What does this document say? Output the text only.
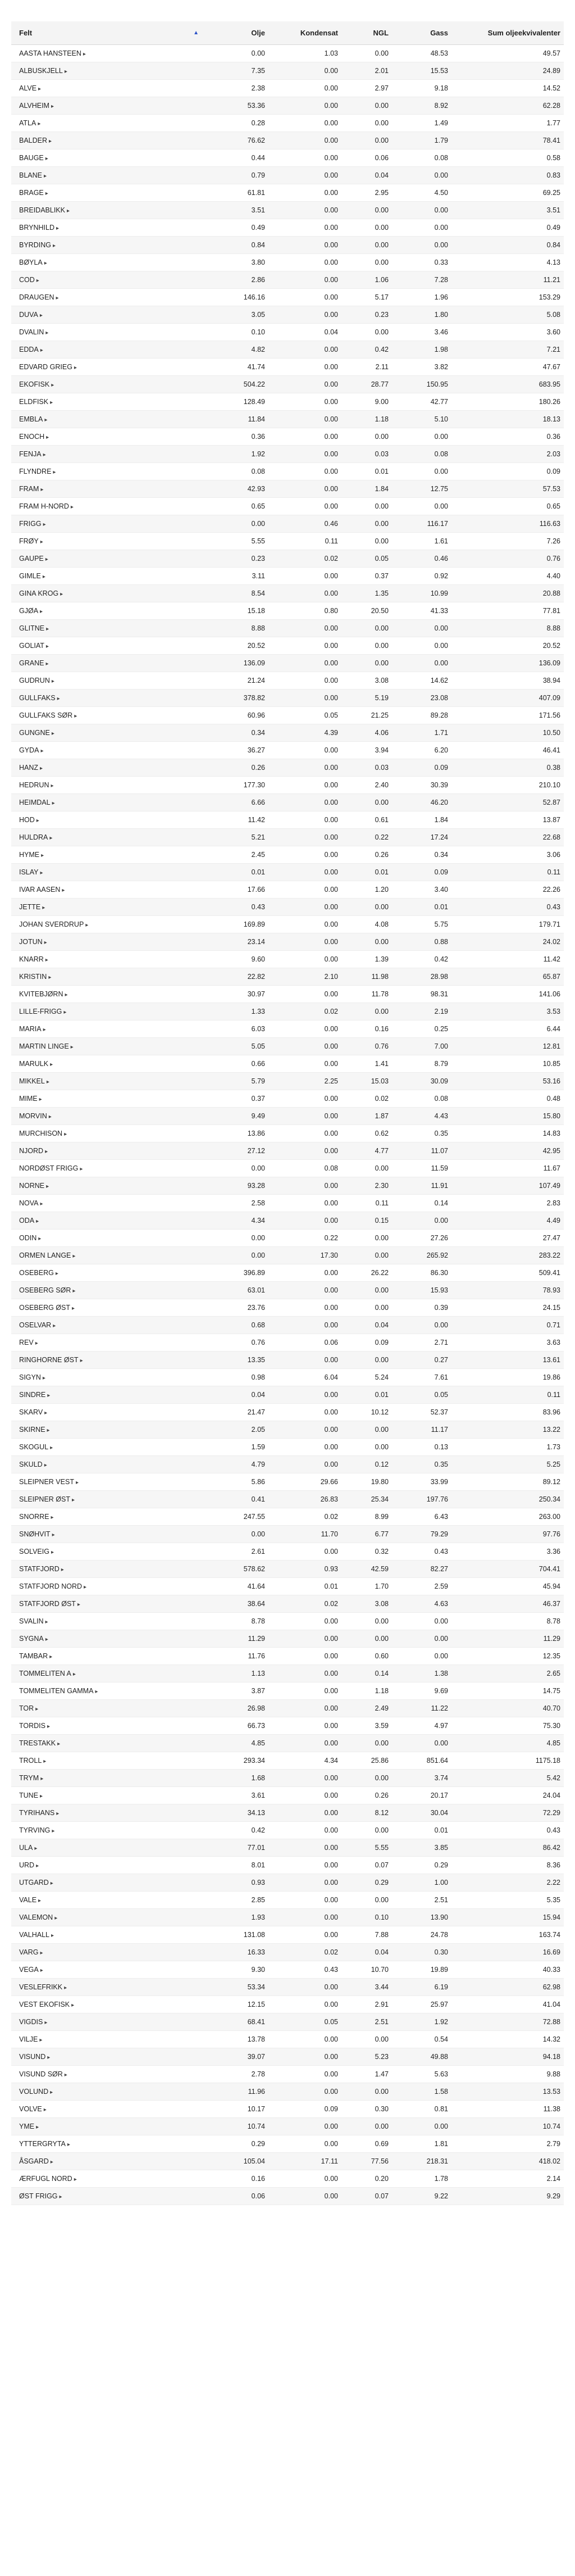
Felt ▲	Olje	Kondensat	NGL	Gass	Sum oljeekvivalenter
AASTA HANSTEEN ▸	0.00	1.03	0.00	48.53	49.57
ALBUSKJELL ▸	7.35	0.00	2.01	15.53	24.89
ALVE ▸	2.38	0.00	2.97	9.18	14.52
ALVHEIM ▸	53.36	0.00	0.00	8.92	62.28
ATLA ▸	0.28	0.00	0.00	1.49	1.77
BALDER ▸	76.62	0.00	0.00	1.79	78.41
BAUGE ▸	0.44	0.00	0.06	0.08	0.58
BLANE ▸	0.79	0.00	0.04	0.00	0.83
BRAGE ▸	61.81	0.00	2.95	4.50	69.25
BREIDABLIKK ▸	3.51	0.00	0.00	0.00	3.51
BRYNHILD ▸	0.49	0.00	0.00	0.00	0.49
BYRDING ▸	0.84	0.00	0.00	0.00	0.84
BØYLA ▸	3.80	0.00	0.00	0.33	4.13
COD ▸	2.86	0.00	1.06	7.28	11.21
DRAUGEN ▸	146.16	0.00	5.17	1.96	153.29
DUVA ▸	3.05	0.00	0.23	1.80	5.08
DVALIN ▸	0.10	0.04	0.00	3.46	3.60
EDDA ▸	4.82	0.00	0.42	1.98	7.21
EDVARD GRIEG ▸	41.74	0.00	2.11	3.82	47.67
EKOFISK ▸	504.22	0.00	28.77	150.95	683.95
ELDFISK ▸	128.49	0.00	9.00	42.77	180.26
EMBLA ▸	11.84	0.00	1.18	5.10	18.13
ENOCH ▸	0.36	0.00	0.00	0.00	0.36
FENJA ▸	1.92	0.00	0.03	0.08	2.03
FLYNDRE ▸	0.08	0.00	0.01	0.00	0.09
FRAM ▸	42.93	0.00	1.84	12.75	57.53
FRAM H-NORD ▸	0.65	0.00	0.00	0.00	0.65
FRIGG ▸	0.00	0.46	0.00	116.17	116.63
FRØY ▸	5.55	0.11	0.00	1.61	7.26
GAUPE ▸	0.23	0.02	0.05	0.46	0.76
GIMLE ▸	3.11	0.00	0.37	0.92	4.40
GINA KROG ▸	8.54	0.00	1.35	10.99	20.88
GJØA ▸	15.18	0.80	20.50	41.33	77.81
GLITNE ▸	8.88	0.00	0.00	0.00	8.88
GOLIAT ▸	20.52	0.00	0.00	0.00	20.52
GRANE ▸	136.09	0.00	0.00	0.00	136.09
GUDRUN ▸	21.24	0.00	3.08	14.62	38.94
GULLFAKS ▸	378.82	0.00	5.19	23.08	407.09
GULLFAKS SØR ▸	60.96	0.05	21.25	89.28	171.56
GUNGNE ▸	0.34	4.39	4.06	1.71	10.50
GYDA ▸	36.27	0.00	3.94	6.20	46.41
HANZ ▸	0.26	0.00	0.03	0.09	0.38
HEDRUN ▸	177.30	0.00	2.40	30.39	210.10
HEIMDAL ▸	6.66	0.00	0.00	46.20	52.87
HOD ▸	11.42	0.00	0.61	1.84	13.87
HULDRA ▸	5.21	0.00	0.22	17.24	22.68
HYME ▸	2.45	0.00	0.26	0.34	3.06
ISLAY ▸	0.01	0.00	0.01	0.09	0.11
IVAR AASEN ▸	17.66	0.00	1.20	3.40	22.26
JETTE ▸	0.43	0.00	0.00	0.01	0.43
JOHAN SVERDRUP ▸	169.89	0.00	4.08	5.75	179.71
JOTUN ▸	23.14	0.00	0.00	0.88	24.02
KNARR ▸	9.60	0.00	1.39	0.42	11.42
KRISTIN ▸	22.82	2.10	11.98	28.98	65.87
KVITEBJØRN ▸	30.97	0.00	11.78	98.31	141.06
LILLE-FRIGG ▸	1.33	0.02	0.00	2.19	3.53
MARIA ▸	6.03	0.00	0.16	0.25	6.44
MARTIN LINGE ▸	5.05	0.00	0.76	7.00	12.81
MARULK ▸	0.66	0.00	1.41	8.79	10.85
MIKKEL ▸	5.79	2.25	15.03	30.09	53.16
MIME ▸	0.37	0.00	0.02	0.08	0.48
MORVIN ▸	9.49	0.00	1.87	4.43	15.80
MURCHISON ▸	13.86	0.00	0.62	0.35	14.83
NJORD ▸	27.12	0.00	4.77	11.07	42.95
NORDØST FRIGG ▸	0.00	0.08	0.00	11.59	11.67
NORNE ▸	93.28	0.00	2.30	11.91	107.49
NOVA ▸	2.58	0.00	0.11	0.14	2.83
ODA ▸	4.34	0.00	0.15	0.00	4.49
ODIN ▸	0.00	0.22	0.00	27.26	27.47
ORMEN LANGE ▸	0.00	17.30	0.00	265.92	283.22
OSEBERG ▸	396.89	0.00	26.22	86.30	509.41
OSEBERG SØR ▸	63.01	0.00	0.00	15.93	78.93
OSEBERG ØST ▸	23.76	0.00	0.00	0.39	24.15
OSELVAR ▸	0.68	0.00	0.04	0.00	0.71
REV ▸	0.76	0.06	0.09	2.71	3.63
RINGHORNE ØST ▸	13.35	0.00	0.00	0.27	13.61
SIGYN ▸	0.98	6.04	5.24	7.61	19.86
SINDRE ▸	0.04	0.00	0.01	0.05	0.11
SKARV ▸	21.47	0.00	10.12	52.37	83.96
SKIRNE ▸	2.05	0.00	0.00	11.17	13.22
SKOGUL ▸	1.59	0.00	0.00	0.13	1.73
SKULD ▸	4.79	0.00	0.12	0.35	5.25
SLEIPNER VEST ▸	5.86	29.66	19.80	33.99	89.12
SLEIPNER ØST ▸	0.41	26.83	25.34	197.76	250.34
SNORRE ▸	247.55	0.02	8.99	6.43	263.00
SNØHVIT ▸	0.00	11.70	6.77	79.29	97.76
SOLVEIG ▸	2.61	0.00	0.32	0.43	3.36
STATFJORD ▸	578.62	0.93	42.59	82.27	704.41
STATFJORD NORD ▸	41.64	0.01	1.70	2.59	45.94
STATFJORD ØST ▸	38.64	0.02	3.08	4.63	46.37
SVALIN ▸	8.78	0.00	0.00	0.00	8.78
SYGNA ▸	11.29	0.00	0.00	0.00	11.29
TAMBAR ▸	11.76	0.00	0.60	0.00	12.35
TOMMELITEN A ▸	1.13	0.00	0.14	1.38	2.65
TOMMELITEN GAMMA ▸	3.87	0.00	1.18	9.69	14.75
TOR ▸	26.98	0.00	2.49	11.22	40.70
TORDIS ▸	66.73	0.00	3.59	4.97	75.30
TRESTAKK ▸	4.85	0.00	0.00	0.00	4.85
TROLL ▸	293.34	4.34	25.86	851.64	1175.18
TRYM ▸	1.68	0.00	0.00	3.74	5.42
TUNE ▸	3.61	0.00	0.26	20.17	24.04
TYRIHANS ▸	34.13	0.00	8.12	30.04	72.29
TYRVING ▸	0.42	0.00	0.00	0.01	0.43
ULA ▸	77.01	0.00	5.55	3.85	86.42
URD ▸	8.01	0.00	0.07	0.29	8.36
UTGARD ▸	0.93	0.00	0.29	1.00	2.22
VALE ▸	2.85	0.00	0.00	2.51	5.35
VALEMON ▸	1.93	0.00	0.10	13.90	15.94
VALHALL ▸	131.08	0.00	7.88	24.78	163.74
VARG ▸	16.33	0.02	0.04	0.30	16.69
VEGA ▸	9.30	0.43	10.70	19.89	40.33
VESLEFRIKK ▸	53.34	0.00	3.44	6.19	62.98
VEST EKOFISK ▸	12.15	0.00	2.91	25.97	41.04
VIGDIS ▸	68.41	0.05	2.51	1.92	72.88
VILJE ▸	13.78	0.00	0.00	0.54	14.32
VISUND ▸	39.07	0.00	5.23	49.88	94.18
VISUND SØR ▸	2.78	0.00	1.47	5.63	9.88
VOLUND ▸	11.96	0.00	0.00	1.58	13.53
VOLVE ▸	10.17	0.09	0.30	0.81	11.38
YME ▸	10.74	0.00	0.00	0.00	10.74
YTTERGRYTA ▸	0.29	0.00	0.69	1.81	2.79
ÅSGARD ▸	105.04	17.11	77.56	218.31	418.02
ÆRFUGL NORD ▸	0.16	0.00	0.20	1.78	2.14
ØST FRIGG ▸	0.06	0.00	0.07	9.22	9.29
